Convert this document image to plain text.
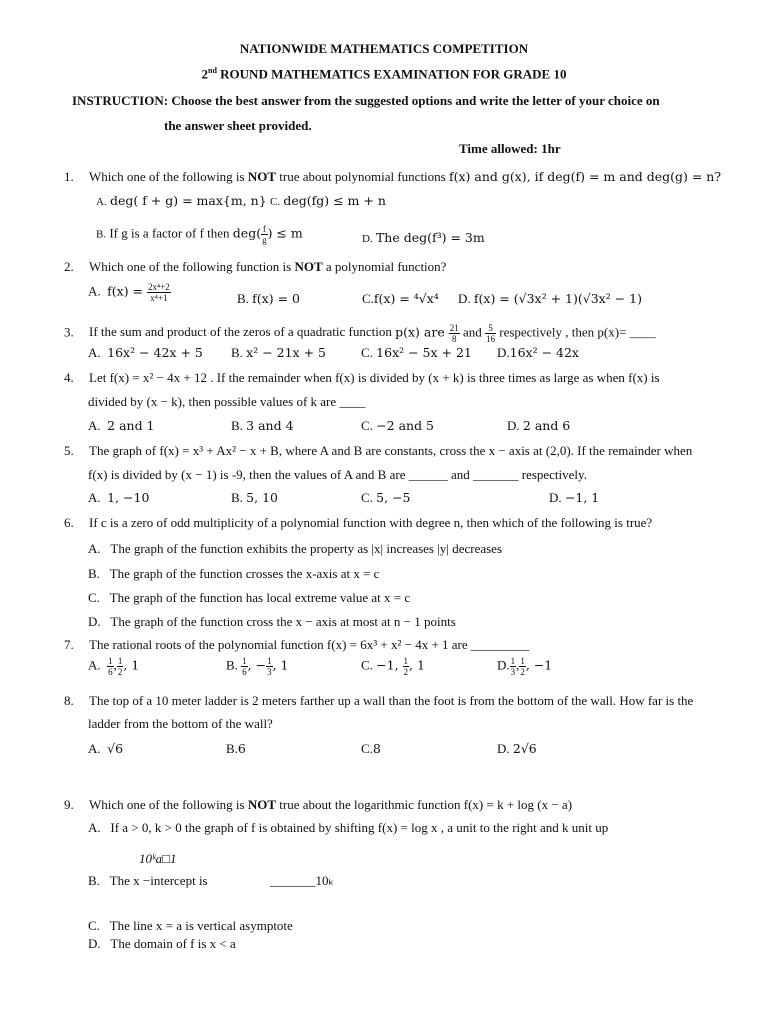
NATIONWIDE MATHEMATICS COMPETITION
2nd ROUND MATHEMATICS EXAMINATION FOR GRADE 10
INSTRUCTION: Choose the best answer from the suggested options and write the letter of your choice on
the answer sheet provided.
Time allowed: 1hr
1. Which one of the following is NOT true about polynomial functions f(x) and g(x), if deg(f) = m and deg(g) = n?
A. deg( f + g) = max{m, n} C. deg(fg) ≤ m + n
B. If g is a factor of f then $deg( \frac{f}{g}$ ) ≤ m	D. The deg(f³) = 3m
2. Which one of the following function is NOT a polynomial function?
A. $f(x) = \frac{\text{2x⁴+2}}{\text{x⁴+1}}$	B. f(x) = 0	C.f(x) = ⁴√x⁴ D. f(x) = (√3x² + 1)(√3x² − 1)
3. If the sum and product of the zeros of a quadratic function p(x) are $\frac{21}{8}$ and $\frac{5}{16}$ respectively , then p(x)= ____
A. 16x² − 42x + 5 B. x² − 21x + 5	C. 16x² − 5x + 21 D.16x² − 42x
4. Let f(x) = x² − 4x + 12 . If the remainder when f(x) is divided by (x + k) is three times as large as when f(x) is
divided by (x − k), then possible values of k are ____
A. 2 and 1	B. 3 and 4	C. −2 and 5	D. 2 and 6
5. The graph of f(x) = x³ + Ax² − x + B, where A and B are constants, cross the x − axis at (2,0). If the remainder when
f(x) is divided by (x − 1) is -9, then the values of A and B are ______ and _______ respectively.
A. 1, −10	B. 5, 10	C. 5, −5	D. −1, 1
6. If c is a zero of odd multiplicity of a polynomial function with degree n, then which of the following is true?
A. The graph of the function exhibits the property as |x| increases |y| decreases
B. The graph of the function crosses the x-axis at x = c
C. The graph of the function has local extreme value at x = c
D. The graph of the function cross the x − axis at most at n − 1 points
7. The rational roots of the polynomial function f(x) = 6x³ + x² − 4x + 1 are _________
A. $\frac{1}{6}$ , $\frac{1}{2}$ , 1	B. $\frac{1}{6}$ , − $\frac{1}{3}$ , 1	C. −1, $\frac{1}{2}$ , 1	D. $\frac{1}{3}$ , $\frac{1}{2}$ , −1
8. The top of a 10 meter ladder is 2 meters farther up a wall than the foot is from the bottom of the wall. How far is the
ladder from the bottom of the wall?
A. √6	B.6	C.8	D. 2√6
9. Which one of the following is NOT true about the logarithmic function f(x) = k + log (x − a)
A. If a > 0, k > 0 the graph of f is obtained by shifting f(x) = log x , a unit to the right and k unit up
10ᵏa□1
B. The x −intercept is	_______10ₖ
C. The line x = a is vertical asymptote
D. The domain of f is x < a
